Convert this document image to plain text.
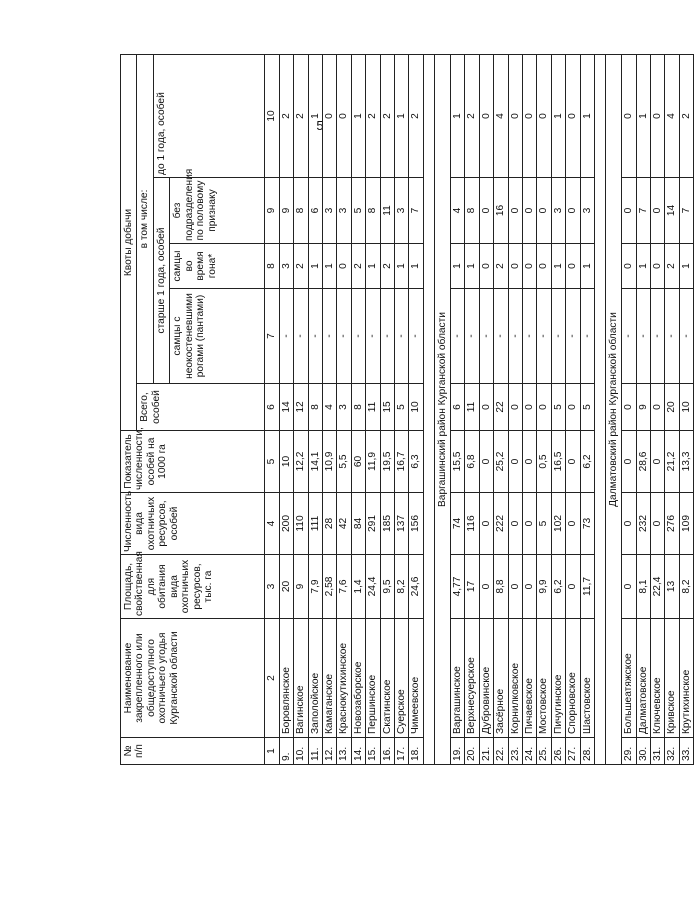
5
№ п/п	Наименование закрепленного или общедоступного охотничьего угодья Курганской области	Площадь, свойственная для обитания вида охотничьих ресурсов, тыс. га	Численность вида охотничьих ресурсов, особей	Показатель численности, особей на 1000 га	Квоты добычи				
					Всего, особей	в том числе:			
						старше 1 года, особей			до 1 года, особей
						самцы с неокостеневшими рогами (пантами)	самцы во время гона*	без подразделения по половому признаку	
1	2	3	4	5	6	7	8	9	10
9.	Боровлянское	20	200	10	14	-	3	9	2
10.	Вагинское	9	110	12,2	12	-	2	8	2
11.	Заполойское	7,9	111	14,1	8	-	1	6	1
12.	Камаганское	2,58	28	10,9	4	-	1	3	0
13.	Краснокутихинское	7,6	42	5,5	3	-	0	3	0
14.	Новозаборское	1,4	84	60	8	-	2	5	1
15.	Першинское	24,4	291	11,9	11	-	1	8	2
16.	Скатинское	9,5	185	19,5	15	-	2	11	2
17.	Суерское	8,2	137	16,7	5	-	1	3	1
18.	Чимеевское	24,6	156	6,3	10	-	1	7	2

Варгашинский район Курганской области									
19.	Варгашинское	4,77	74	15,5	6	-	1	4	1
20.	Верхнесуерское	17	116	6,8	11	-	1	8	2
21.	Дубровинское	0	0	0	0	-	0	0	0
22.	Засёрное	8,8	222	25,2	22	-	2	16	4
23.	Корнилковское	0	0	0	0	-	0	0	0
24.	Пичаевское	0	0	0	0	-	0	0	0
25.	Мостовское	9,9	5	0,5	0	-	0	0	0
26.	Пичугинское	6,2	102	16,5	5	-	1	3	1
27.	Спорновское	0	0	0	0	-	0	0	0
28.	Шастовское	11,7	73	6,2	5	-	1	3	1

Далматовский район Курганской области									
29.	Большеатяжское	0	0	0	0	-	0	0	0
30.	Далматовское	8,1	232	28,6	9	-	1	7	1
31.	Ключевское	22,4	0	0	0	-	0	0	0
32.	Кривское	13	276	21,2	20	-	2	14	4
33.	Крутихинское	8,2	109	13,3	10	-	1	7	2
